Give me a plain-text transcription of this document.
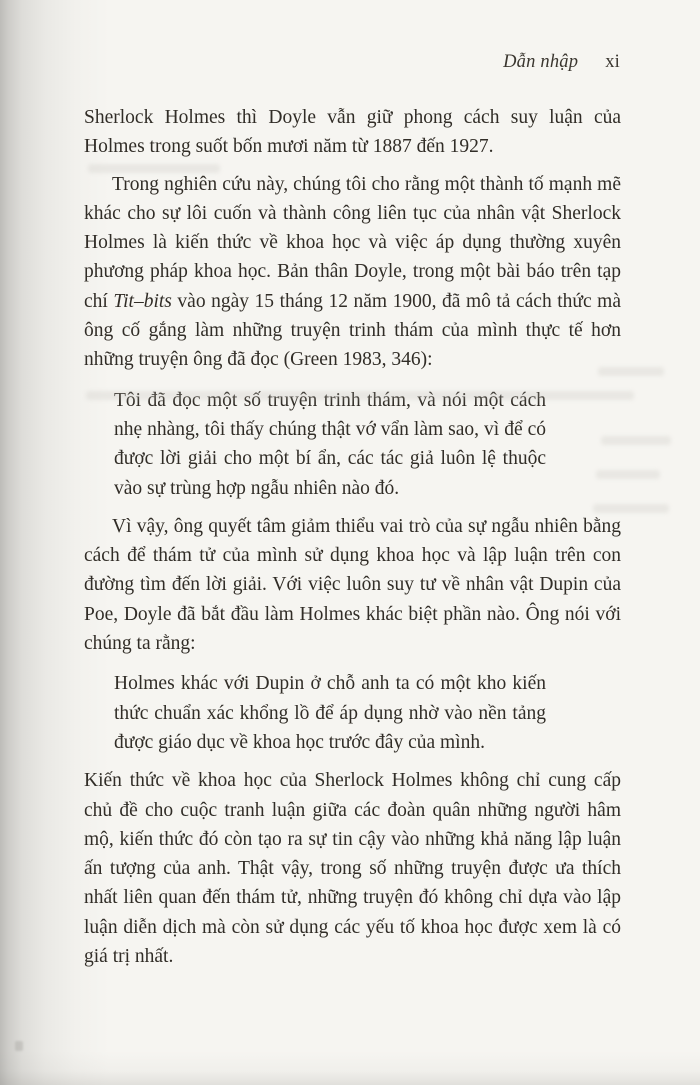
Dẫn nhập xi

Sherlock Holmes thì Doyle vẫn giữ phong cách suy luận của Holmes trong suốt bốn mươi năm từ 1887 đến 1927.

Trong nghiên cứu này, chúng tôi cho rằng một thành tố mạnh mẽ khác cho sự lôi cuốn và thành công liên tục của nhân vật Sherlock Holmes là kiến thức về khoa học và việc áp dụng thường xuyên phương pháp khoa học. Bản thân Doyle, trong một bài báo trên tạp chí Tit–bits vào ngày 15 tháng 12 năm 1900, đã mô tả cách thức mà ông cố gắng làm những truyện trinh thám của mình thực tế hơn những truyện ông đã đọc (Green 1983, 346):

Tôi đã đọc một số truyện trinh thám, và nói một cách nhẹ nhàng, tôi thấy chúng thật vớ vẩn làm sao, vì để có được lời giải cho một bí ẩn, các tác giả luôn lệ thuộc vào sự trùng hợp ngẫu nhiên nào đó.

Vì vậy, ông quyết tâm giảm thiểu vai trò của sự ngẫu nhiên bằng cách để thám tử của mình sử dụng khoa học và lập luận trên con đường tìm đến lời giải. Với việc luôn suy tư về nhân vật Dupin của Poe, Doyle đã bắt đầu làm Holmes khác biệt phần nào. Ông nói với chúng ta rằng:

Holmes khác với Dupin ở chỗ anh ta có một kho kiến thức chuẩn xác khổng lồ để áp dụng nhờ vào nền tảng được giáo dục về khoa học trước đây của mình.

Kiến thức về khoa học của Sherlock Holmes không chỉ cung cấp chủ đề cho cuộc tranh luận giữa các đoàn quân những người hâm mộ, kiến thức đó còn tạo ra sự tin cậy vào những khả năng lập luận ấn tượng của anh. Thật vậy, trong số những truyện được ưa thích nhất liên quan đến thám tử, những truyện đó không chỉ dựa vào lập luận diễn dịch mà còn sử dụng các yếu tố khoa học được xem là có giá trị nhất.
